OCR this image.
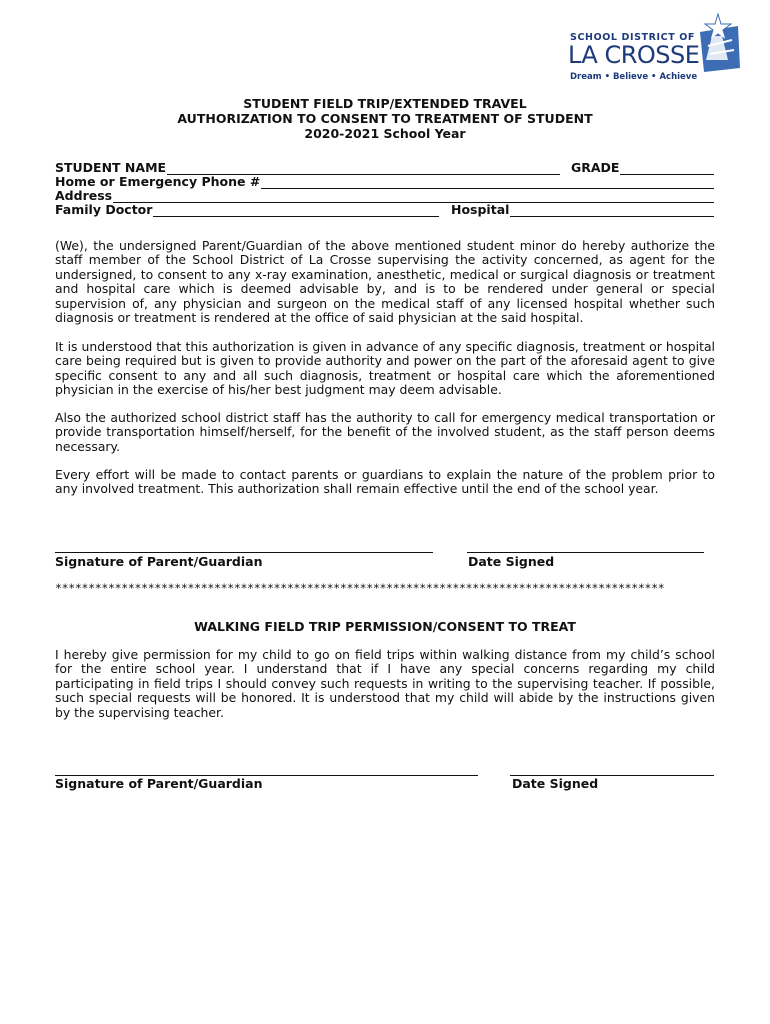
SCHOOL DISTRICT OF
LA CROSSE
Dream • Believe • Achieve
STUDENT FIELD TRIP/EXTENDED TRAVEL
AUTHORIZATION TO CONSENT TO TREATMENT OF STUDENT
2020-2021 School Year
STUDENT NAME	GRADE
Home or Emergency Phone #
Address
Family Doctor	Hospital
(We), the undersigned Parent/Guardian of the above mentioned student minor do hereby authorize the staff member of the School District of La Crosse supervising the activity concerned, as agent for the undersigned, to consent to any x-ray examination, anesthetic, medical or surgical diagnosis or treatment and hospital care which is deemed advisable by, and is to be rendered under general or special supervision of, any physician and surgeon on the medical staff of any licensed hospital whether such diagnosis or treatment is rendered at the office of said physician at the said hospital.
It is understood that this authorization is given in advance of any specific diagnosis, treatment or hospital care being required but is given to provide authority and power on the part of the aforesaid agent to give specific consent to any and all such diagnosis, treatment or hospital care which the aforementioned physician in the exercise of his/her best judgment may deem advisable.
Also the authorized school district staff has the authority to call for emergency medical transportation or provide transportation himself/herself, for the benefit of the involved student, as the staff person deems necessary.
Every effort will be made to contact parents or guardians to explain the nature of the problem prior to any involved treatment. This authorization shall remain effective until the end of the school year.
Signature of Parent/Guardian	Date Signed
********************************************************************************************
WALKING FIELD TRIP PERMISSION/CONSENT TO TREAT
I hereby give permission for my child to go on field trips within walking distance from my child’s school for the entire school year. I understand that if I have any special concerns regarding my child participating in field trips I should convey such requests in writing to the supervising teacher. If possible, such special requests will be honored. It is understood that my child will abide by the instructions given by the supervising teacher.
Signature of Parent/Guardian	Date Signed
